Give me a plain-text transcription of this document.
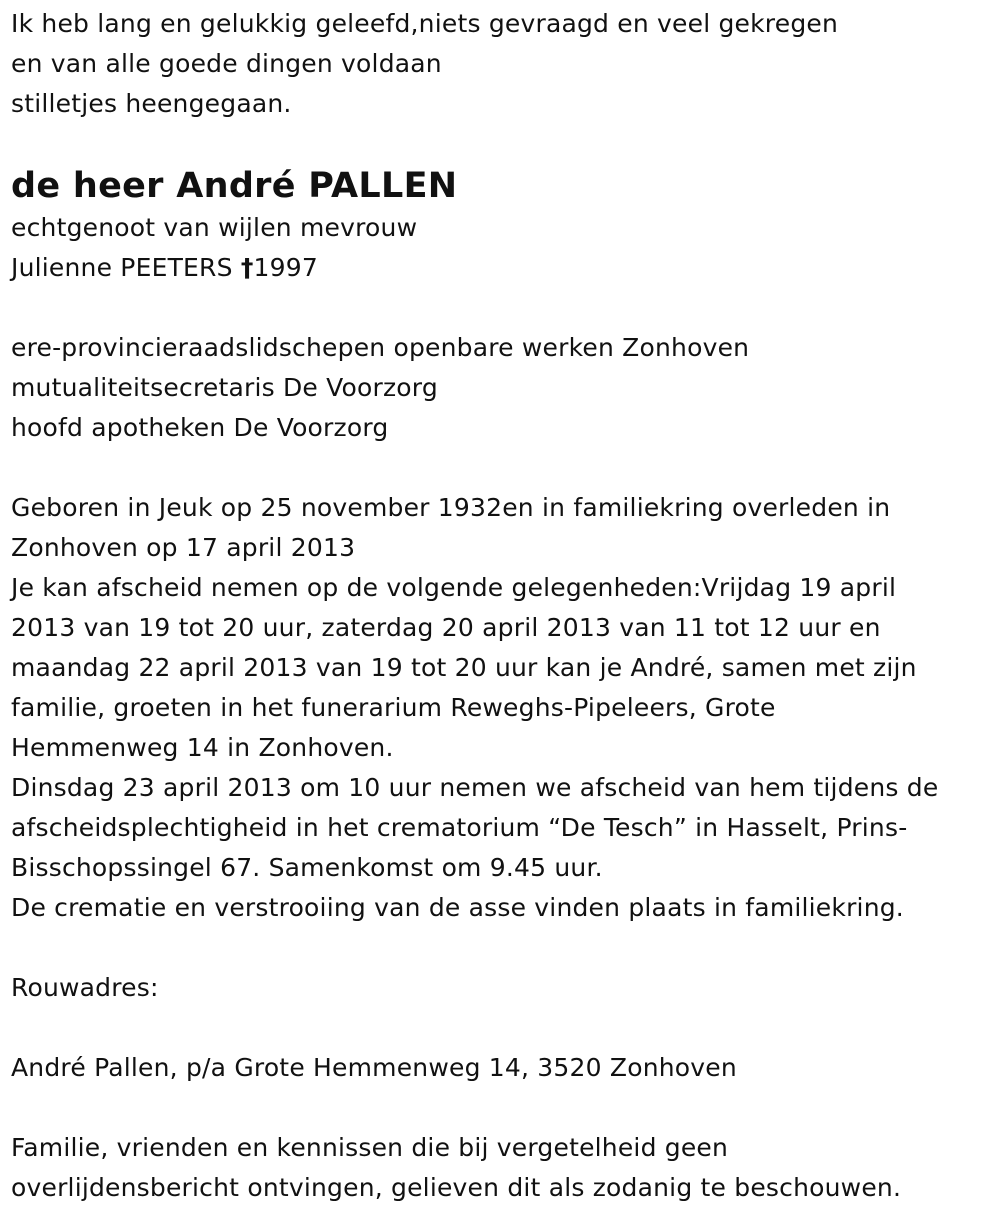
Ik heb lang en gelukkig geleefd,niets gevraagd en veel gekregen
en van alle goede dingen voldaan
stilletjes heengegaan.
de heer André PALLEN
echtgenoot van wijlen mevrouw
Julienne PEETERS †1997
ere-provincieraadslidschepen openbare werken Zonhoven
mutualiteitsecretaris De Voorzorg
hoofd apotheken De Voorzorg
Geboren in Jeuk op 25 november 1932en in familiekring overleden in
Zonhoven op 17 april 2013
Je kan afscheid nemen op de volgende gelegenheden:Vrijdag 19 april
2013 van 19 tot 20 uur, zaterdag 20 april 2013 van 11 tot 12 uur en
maandag 22 april 2013 van 19 tot 20 uur kan je André, samen met zijn
familie, groeten in het funerarium Reweghs-Pipeleers, Grote
Hemmenweg 14 in Zonhoven.
Dinsdag 23 april 2013 om 10 uur nemen we afscheid van hem tijdens de
afscheidsplechtigheid in het crematorium “De Tesch” in Hasselt, Prins-
Bisschopssingel 67. Samenkomst om 9.45 uur.
De crematie en verstrooiing van de asse vinden plaats in familiekring.
Rouwadres:
André Pallen, p/a Grote Hemmenweg 14, 3520 Zonhoven
Familie, vrienden en kennissen die bij vergetelheid geen
overlijdensbericht ontvingen, gelieven dit als zodanig te beschouwen.
